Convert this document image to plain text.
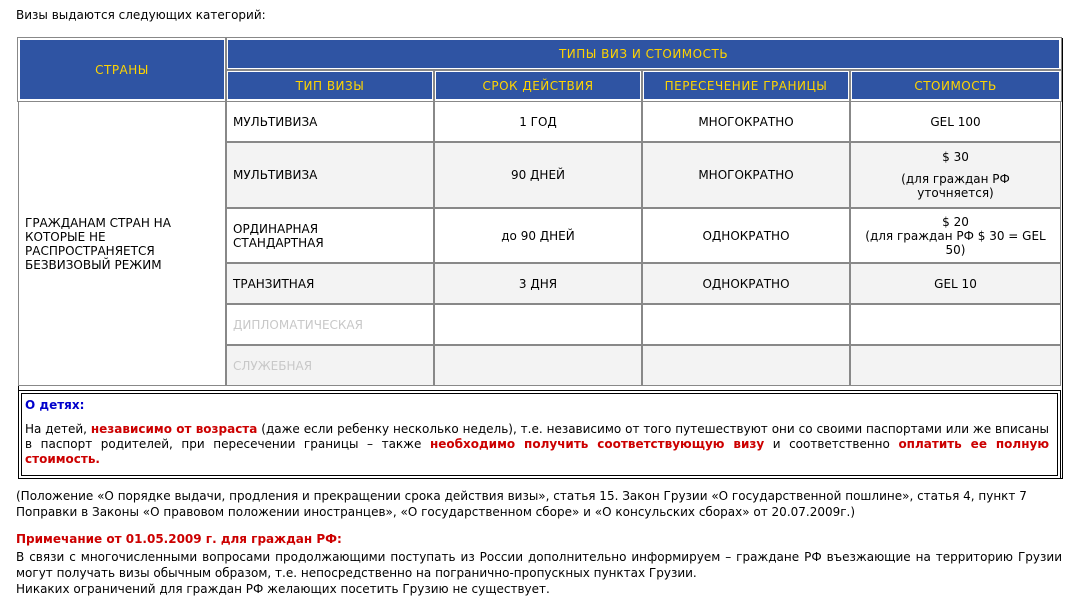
Визы выдаются следующих категорий:
СТРАНЫ	ТИПЫ ВИЗ И СТОИМОСТЬ			
	ТИП ВИЗЫ	СРОК ДЕЙСТВИЯ	ПЕРЕСЕЧЕНИЕ ГРАНИЦЫ	СТОИМОСТЬ
ГРАЖДАНАМ СТРАН НА КОТОРЫЕ НЕ РАСПРОСТРАНЯЕТСЯ БЕЗВИЗОВЫЙ РЕЖИМ	МУЛЬТИВИЗА	1 ГОД	МНОГОКРАТНО	GEL 100
	МУЛЬТИВИЗА	90 ДНЕЙ	МНОГОКРАТНО	$ 30
(для граждан РФ уточняется)

	ОРДИНАРНАЯ СТАНДАРТНАЯ	до 90 ДНЕЙ	ОДНОКРАТНО	$ 20
(для граждан РФ $ 30 = GEL 50)

	ТРАНЗИТНАЯ	3 ДНЯ	ОДНОКРАТНО	GEL 10
	ДИПЛОМАТИЧЕСКАЯ			
	СЛУЖЕБНАЯ			
О детях:
На детей, независимо от возраста (даже если ребенку несколько недель), т.е. независимо от того путешествуют они со своими паспортами или же вписаны в паспорт родителей, при пересечении границы – также необходимо получить соответствующую визу и соответственно оплатить ее полную стоимость.
(Положение «О порядке выдачи, продления и прекращении срока действия визы», статья 15. Закон Грузии «О государственной пошлине», статья 4, пункт 7
Поправки в Законы «О правовом положении иностранцев», «О государственном сборе» и «О консульских сборах» от 20.07.2009г.)
Примечание от 01.05.2009 г. для граждан РФ:
В связи с многочисленными вопросами продолжающими поступать из России дополнительно информируем – граждане РФ въезжающие на территорию Грузии могут получать визы обычным образом, т.е. непосредственно на погранично-пропускных пунктах Грузии.
Никаких ограничений для граждан РФ желающих посетить Грузию не существует.
